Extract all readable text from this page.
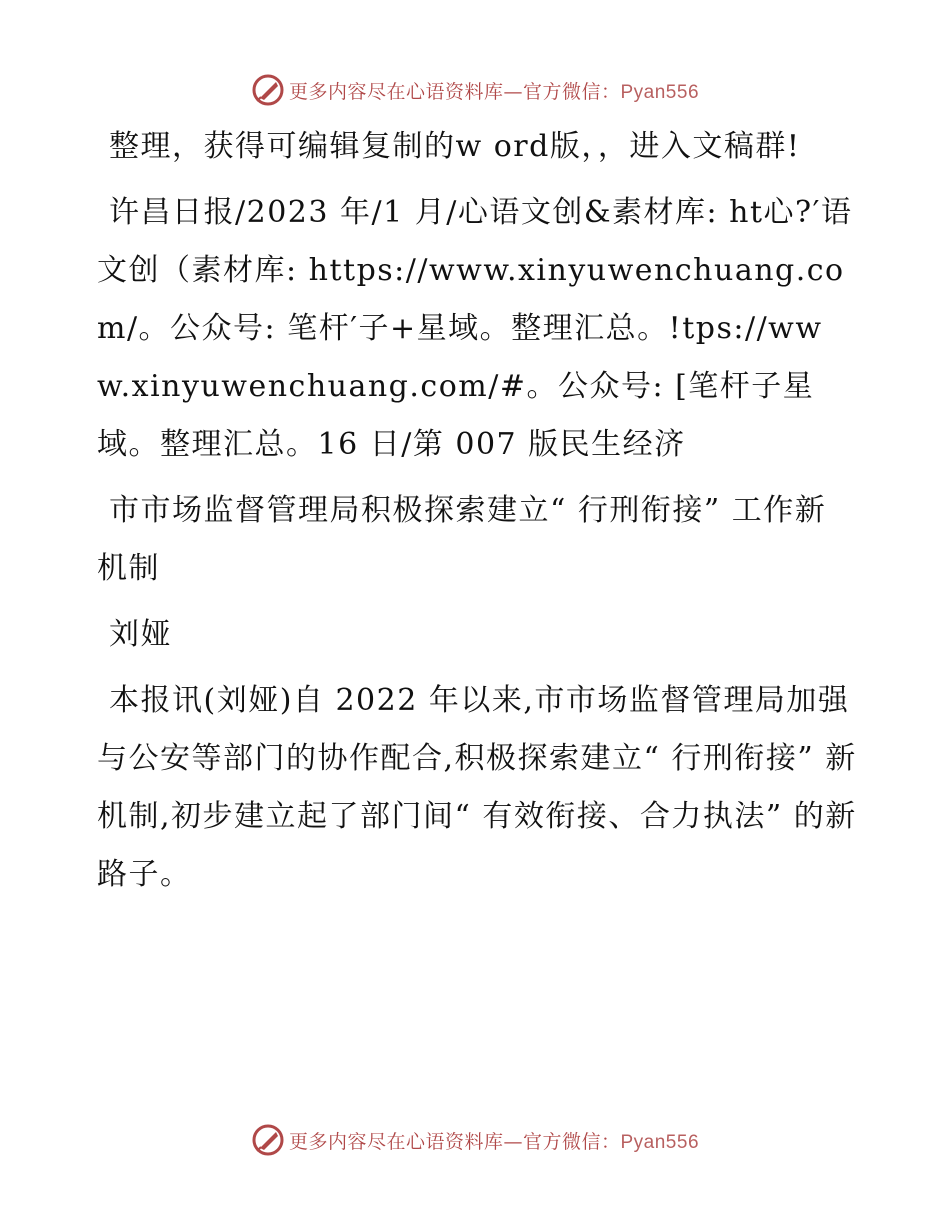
更多内容尽在心语资料库—官方微信：Pyan556

整理，获得可编辑复制的w ord版，，进入文稿群!

许昌日报/2023 年/1 月/心语文创&素材库: ht心?′语文创（素材库: https://www.xinyuwenchuang.com/。公众号: 笔杆′子+星域。整理汇总。!tps://www.xinyuwenchuang.com/#。公众号: [笔杆子星域。整理汇总。16 日/第 007 版民生经济

市市场监督管理局积极探索建立“ 行刑衔接” 工作新机制

刘娅

本报讯(刘娅)自 2022 年以来,市市场监督管理局加强与公安等部门的协作配合,积极探索建立“ 行刑衔接” 新机制,初步建立起了部门间“ 有效衔接、合力执法” 的新路子。

更多内容尽在心语资料库—官方微信：Pyan556
